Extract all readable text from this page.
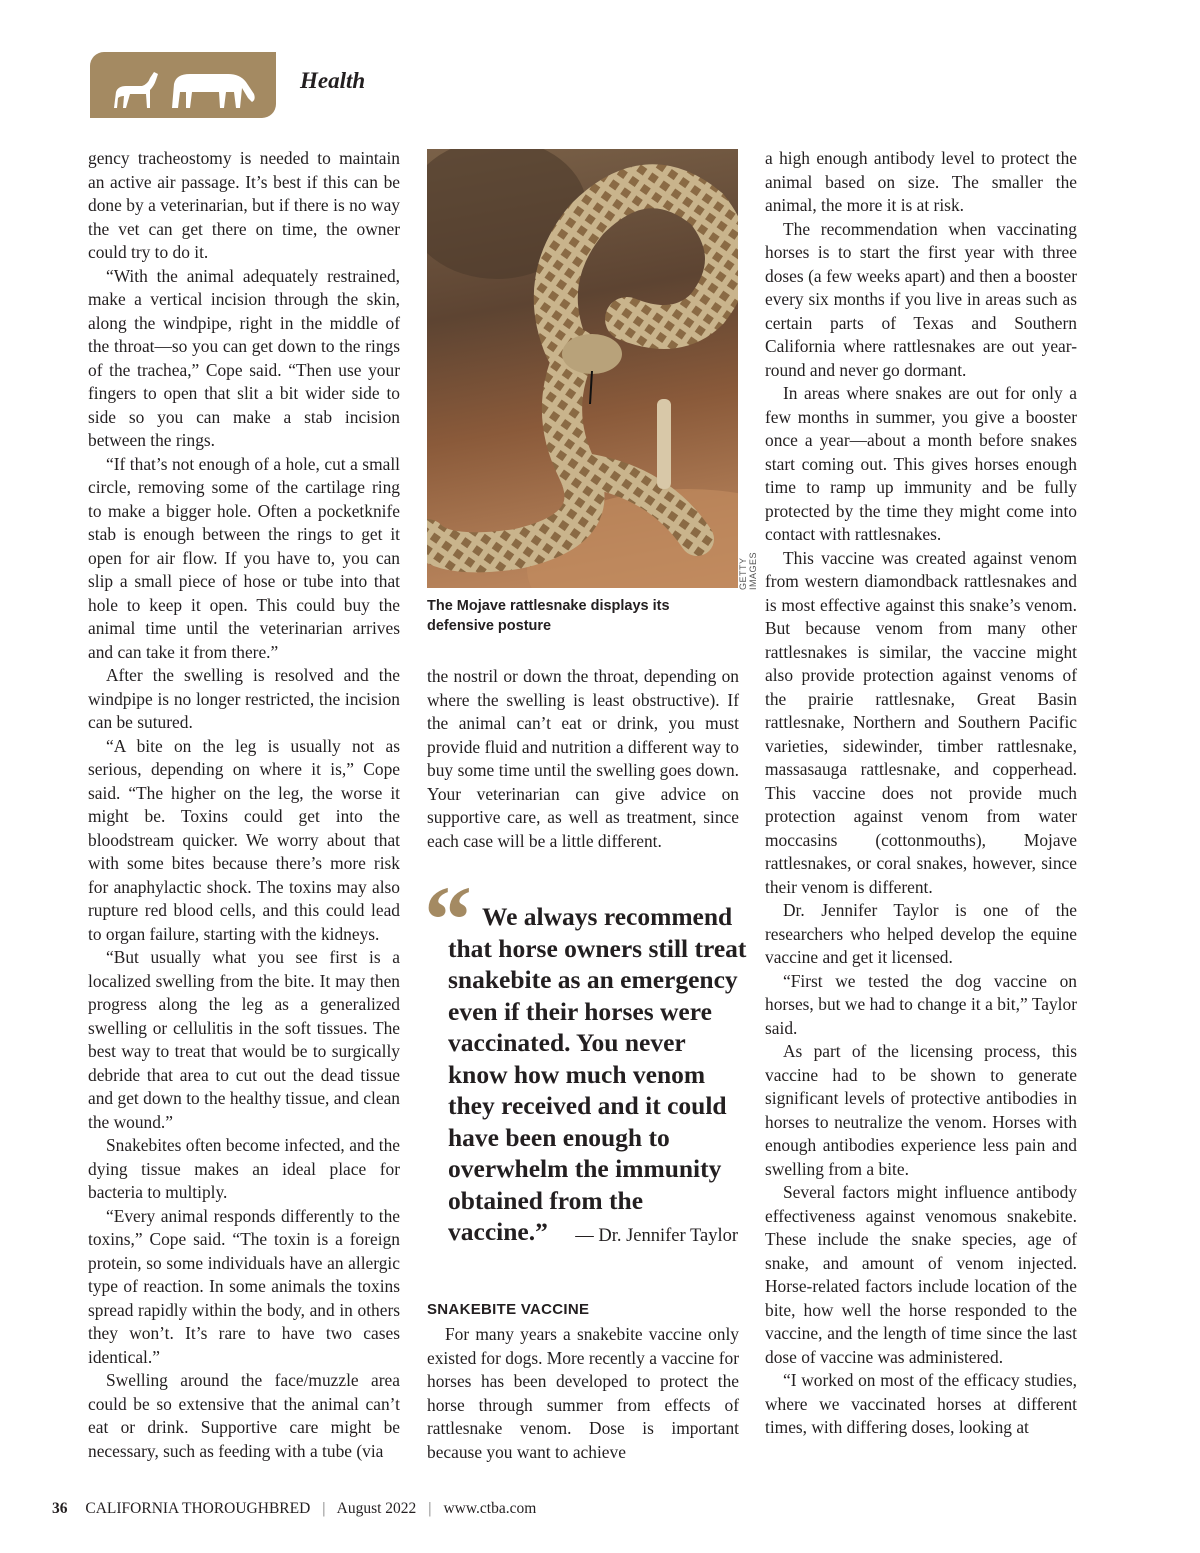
Health

gency tracheostomy is needed to maintain an active air passage. It’s best if this can be done by a veterinarian, but if there is no way the vet can get there on time, the owner could try to do it.

“With the animal adequately restrained, make a vertical incision through the skin, along the windpipe, right in the middle of the throat—so you can get down to the rings of the trachea,” Cope said. “Then use your fingers to open that slit a bit wider side to side so you can make a stab incision between the rings.

“If that’s not enough of a hole, cut a small circle, removing some of the cartilage ring to make a bigger hole. Often a pocketknife stab is enough between the rings to get it open for air flow. If you have to, you can slip a small piece of hose or tube into that hole to keep it open. This could buy the animal time until the veterinarian arrives and can take it from there.”

After the swelling is resolved and the windpipe is no longer restricted, the incision can be sutured.

“A bite on the leg is usually not as serious, depending on where it is,” Cope said. “The higher on the leg, the worse it might be. Toxins could get into the bloodstream quicker. We worry about that with some bites because there’s more risk for anaphylactic shock. The toxins may also rupture red blood cells, and this could lead to organ failure, starting with the kidneys.

“But usually what you see first is a localized swelling from the bite. It may then progress along the leg as a generalized swelling or cellulitis in the soft tissues. The best way to treat that would be to surgically debride that area to cut out the dead tissue and get down to the healthy tissue, and clean the wound.”

Snakebites often become infected, and the dying tissue makes an ideal place for bacteria to multiply.

“Every animal responds differently to the toxins,” Cope said. “The toxin is a foreign protein, so some individuals have an allergic type of reaction. In some animals the toxins spread rapidly within the body, and in others they won’t. It’s rare to have two cases identical.”

Swelling around the face/muzzle area could be so extensive that the animal can’t eat or drink. Supportive care might be necessary, such as feeding with a tube (via

GETTY IMAGES
The Mojave rattlesnake displays its defensive posture

the nostril or down the throat, depending on where the swelling is least obstructive). If the animal can’t eat or drink, you must provide fluid and nutrition a different way to buy some time until the swelling goes down. Your veterinarian can give advice on supportive care, as well as treatment, since each case will be a little different.

“ We always recommend that horse owners still treat snakebite as an emergency even if their horses were vaccinated. You never know how much venom they received and it could have been enough to overwhelm the immunity obtained from the vaccine.”	— Dr. Jennifer Taylor
SNAKEBITE VACCINE

For many years a snakebite vaccine only existed for dogs. More recently a vaccine for horses has been developed to protect the horse through summer from effects of rattlesnake venom. Dose is important because you want to achieve

a high enough antibody level to protect the animal based on size. The smaller the animal, the more it is at risk.

The recommendation when vaccinating horses is to start the first year with three doses (a few weeks apart) and then a booster every six months if you live in areas such as certain parts of Texas and Southern California where rattlesnakes are out year-round and never go dormant.

In areas where snakes are out for only a few months in summer, you give a booster once a year—about a month before snakes start coming out. This gives horses enough time to ramp up immunity and be fully protected by the time they might come into contact with rattlesnakes.

This vaccine was created against venom from western diamondback rattlesnakes and is most effective against this snake’s venom. But because venom from many other rattlesnakes is similar, the vaccine might also provide protection against venoms of the prairie rattlesnake, Great Basin rattlesnake, Northern and Southern Pacific varieties, sidewinder, timber rattlesnake, massasauga rattlesnake, and copperhead. This vaccine does not provide much protection against venom from water moccasins (cottonmouths), Mojave rattlesnakes, or coral snakes, however, since their venom is different.

Dr. Jennifer Taylor is one of the researchers who helped develop the equine vaccine and get it licensed.

“First we tested the dog vaccine on horses, but we had to change it a bit,” Taylor said.

As part of the licensing process, this vaccine had to be shown to generate significant levels of protective antibodies in horses to neutralize the venom. Horses with enough antibodies experience less pain and swelling from a bite.

Several factors might influence antibody effectiveness against venomous snakebite. These include the snake species, age of snake, and amount of venom injected. Horse-related factors include location of the bite, how well the horse responded to the vaccine, and the length of time since the last dose of vaccine was administered.

“I worked on most of the efficacy studies, where we vaccinated horses at different times, with differing doses, looking at

36 CALIFORNIA THOROUGHBRED | August 2022 | www.ctba.com
